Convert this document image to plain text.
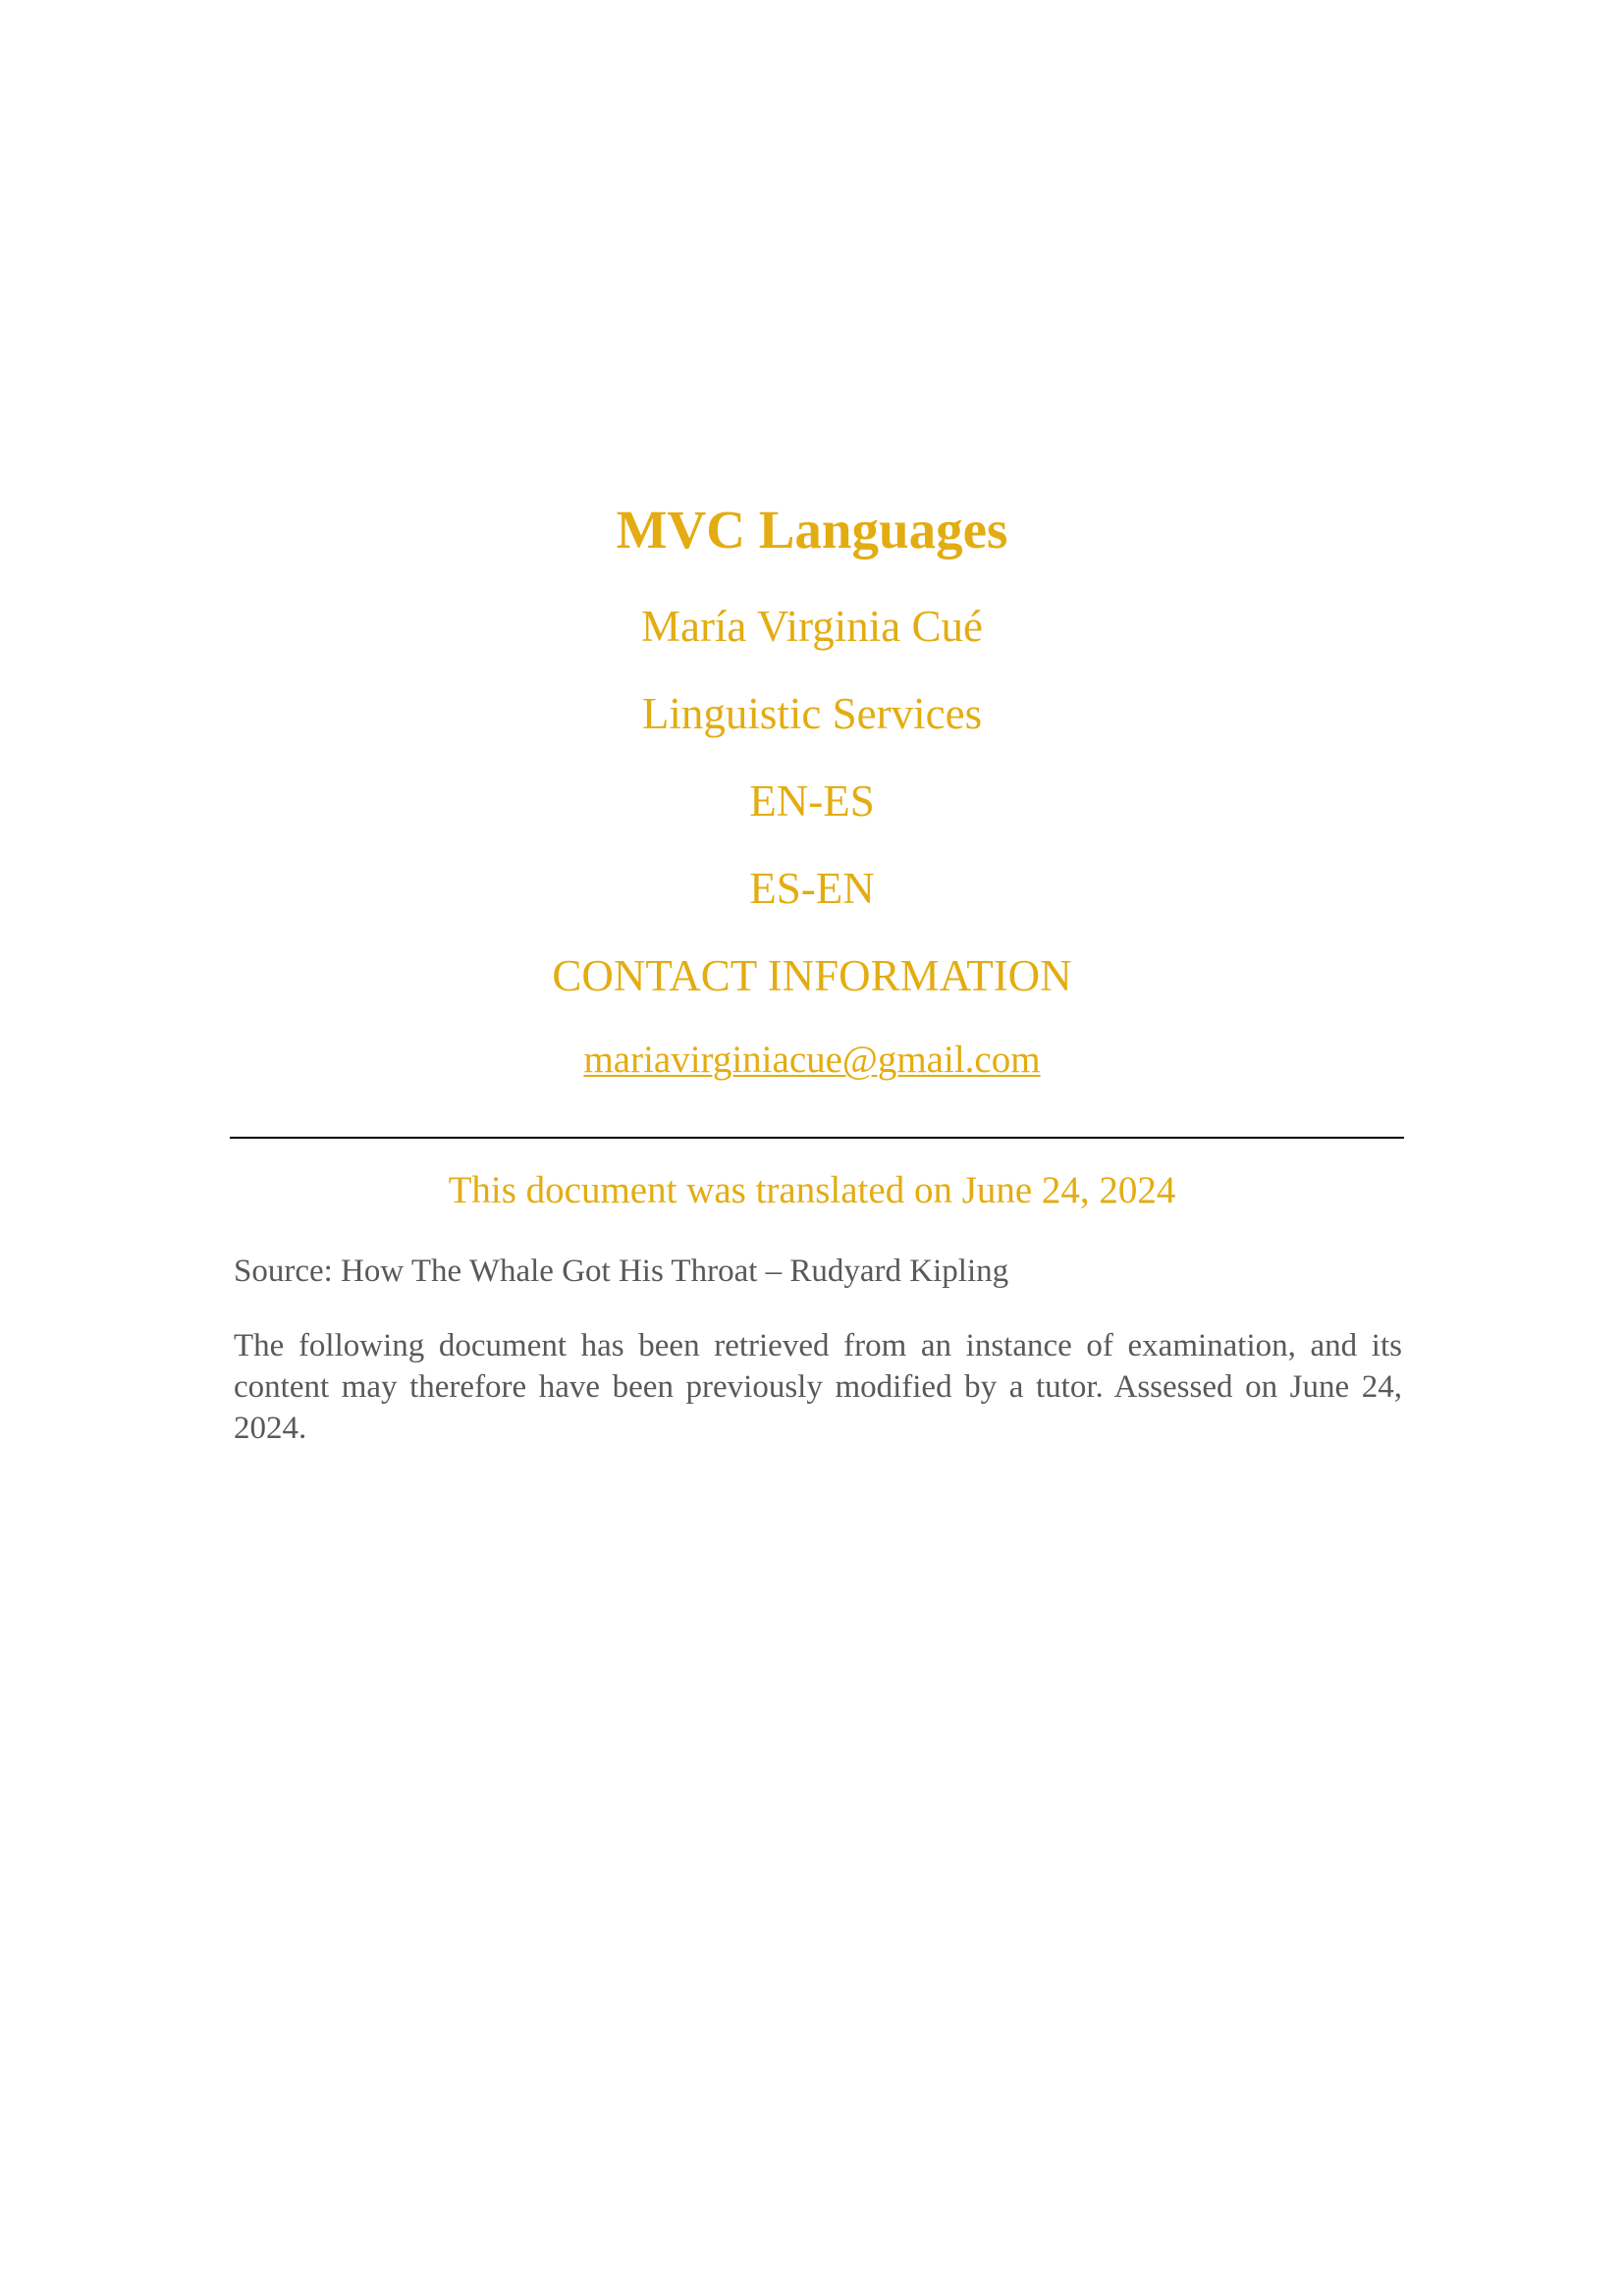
MVC Languages
María Virginia Cué
Linguistic Services
EN-ES
ES-EN
CONTACT INFORMATION
mariavirginiacue@gmail.com
This document was translated on June 24, 2024
Source: How The Whale Got His Throat – Rudyard Kipling
The following document has been retrieved from an instance of examination, and its content may therefore have been previously modified by a tutor. Assessed on June 24, 2024.
